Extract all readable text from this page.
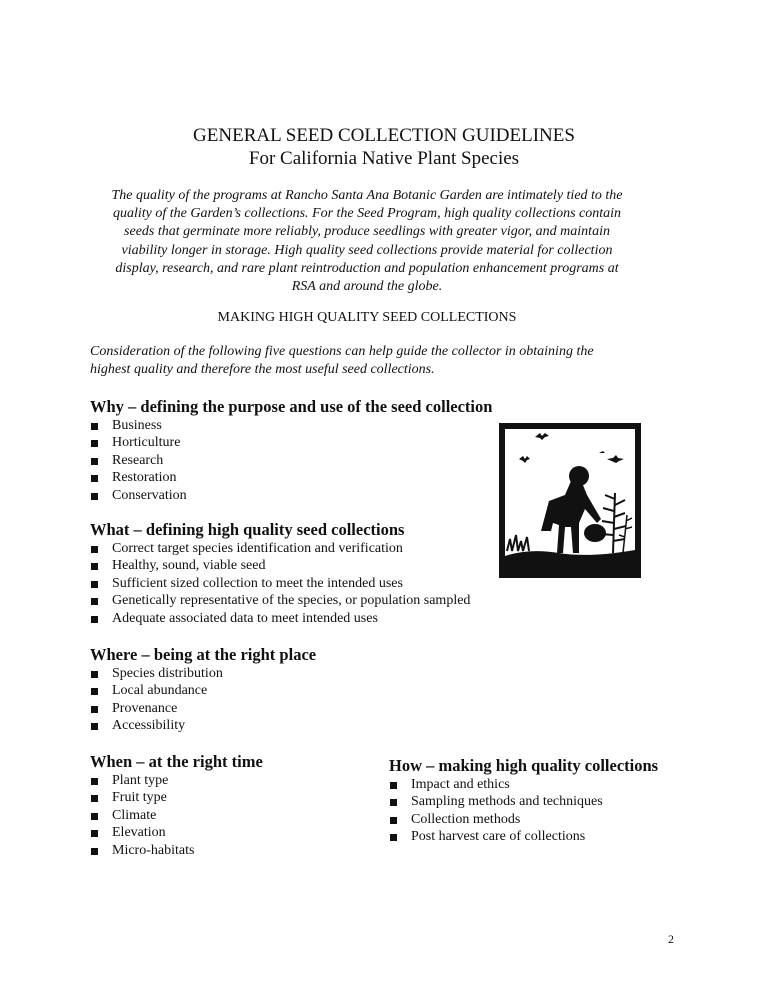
GENERAL SEED COLLECTION GUIDELINES
For California Native Plant Species
The quality of the programs at Rancho Santa Ana Botanic Garden are intimately tied to the
quality of the Garden’s collections. For the Seed Program, high quality collections contain
seeds that germinate more reliably, produce seedlings with greater vigor, and maintain
viability longer in storage. High quality seed collections provide material for collection
display, research, and rare plant reintroduction and population enhancement programs at
RSA and around the globe.
MAKING HIGH QUALITY SEED COLLECTIONS
Consideration of the following five questions can help guide the collector in obtaining the
highest quality and therefore the most useful seed collections.
Why – defining the purpose and use of the seed collection
Business
Horticulture
Research
Restoration
Conservation
What – defining high quality seed collections
Correct target species identification and verification
Healthy, sound, viable seed
Sufficient sized collection to meet the intended uses
Genetically representative of the species, or population sampled
Adequate associated data to meet intended uses
Where – being at the right place
Species distribution
Local abundance
Provenance
Accessibility
When – at the right time
Plant type
Fruit type
Climate
Elevation
Micro-habitats
How – making high quality collections
Impact and ethics
Sampling methods and techniques
Collection methods
Post harvest care of collections
2
